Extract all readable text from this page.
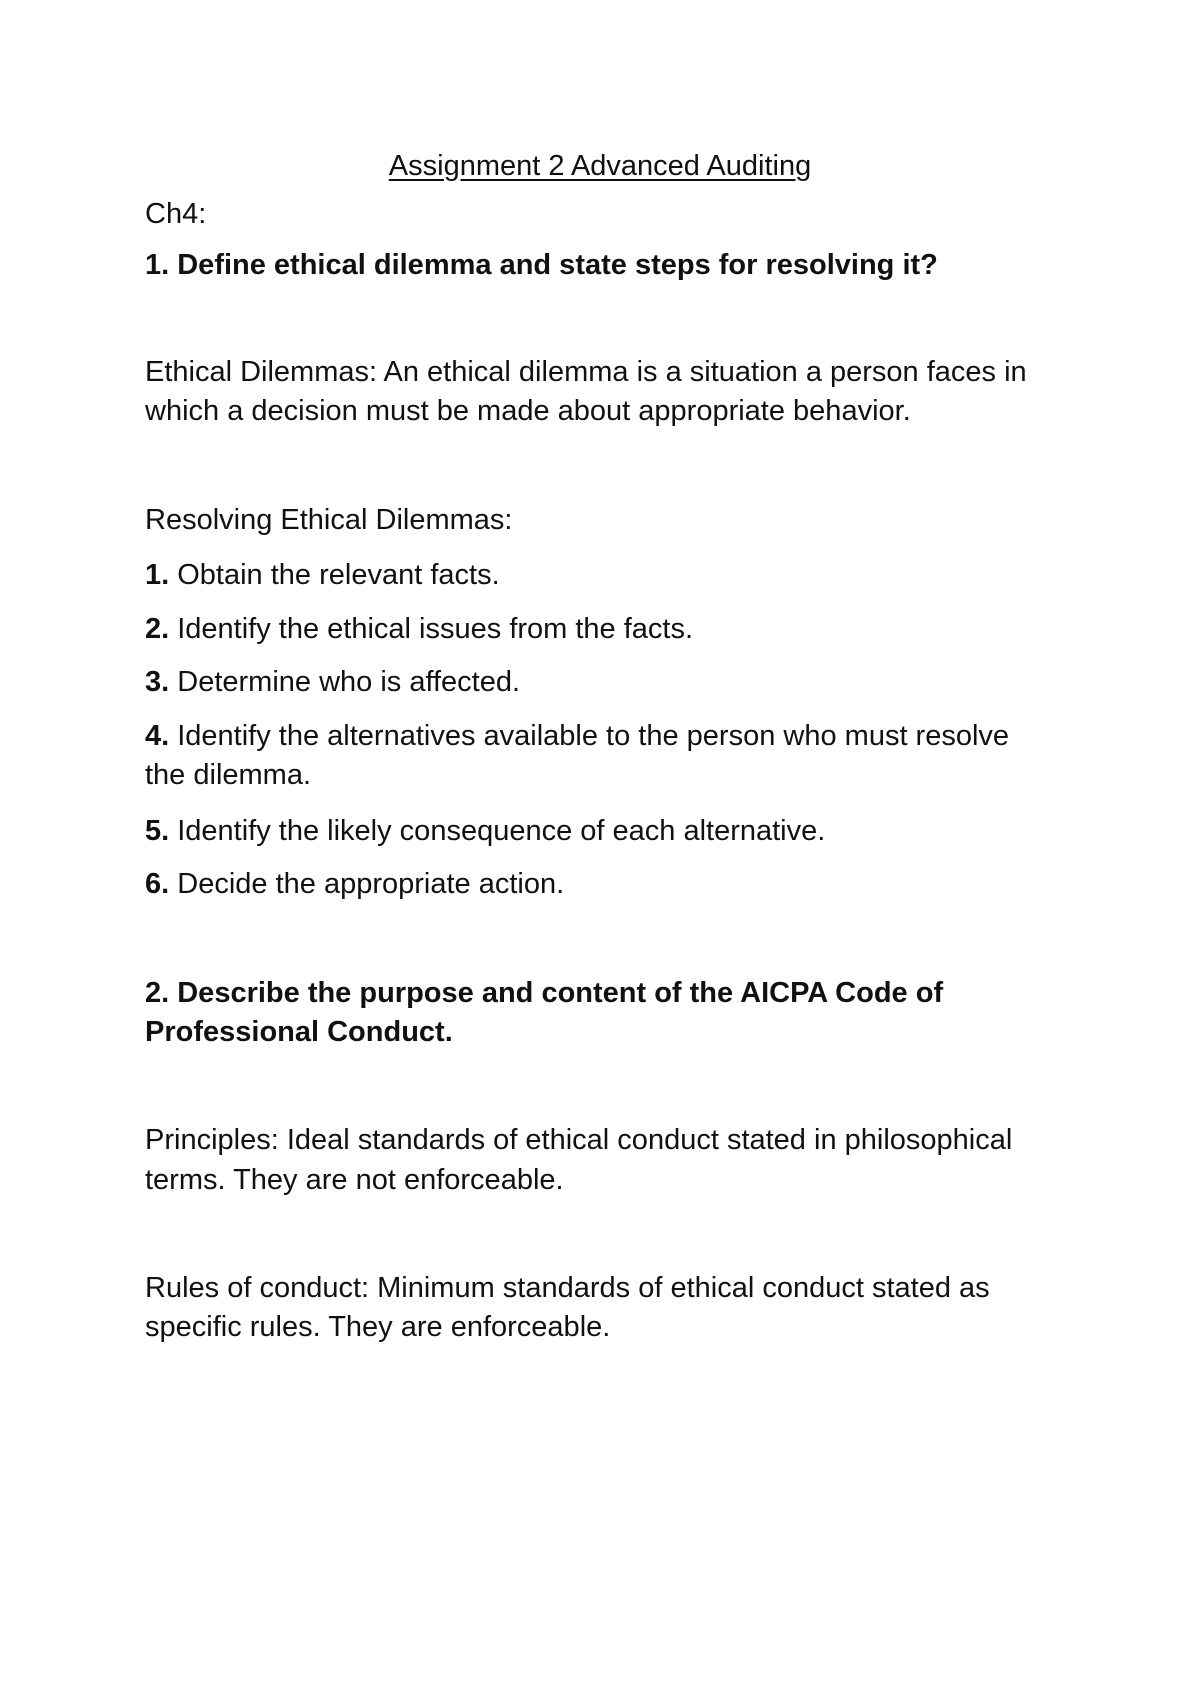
Assignment 2 Advanced Auditing
Ch4:
1. Define ethical dilemma and state steps for resolving it?
Ethical Dilemmas: An ethical dilemma is a situation a person faces in
which a decision must be made about appropriate behavior.
Resolving Ethical Dilemmas:
1. Obtain the relevant facts.
2. Identify the ethical issues from the facts.
3. Determine who is affected.
4. Identify the alternatives available to the person who must resolve
the dilemma.
5. Identify the likely consequence of each alternative.
6. Decide the appropriate action.
2. Describe the purpose and content of the AICPA Code of
Professional Conduct.
Principles: Ideal standards of ethical conduct stated in philosophical
terms. They are not enforceable.
Rules of conduct: Minimum standards of ethical conduct stated as
specific rules. They are enforceable.
